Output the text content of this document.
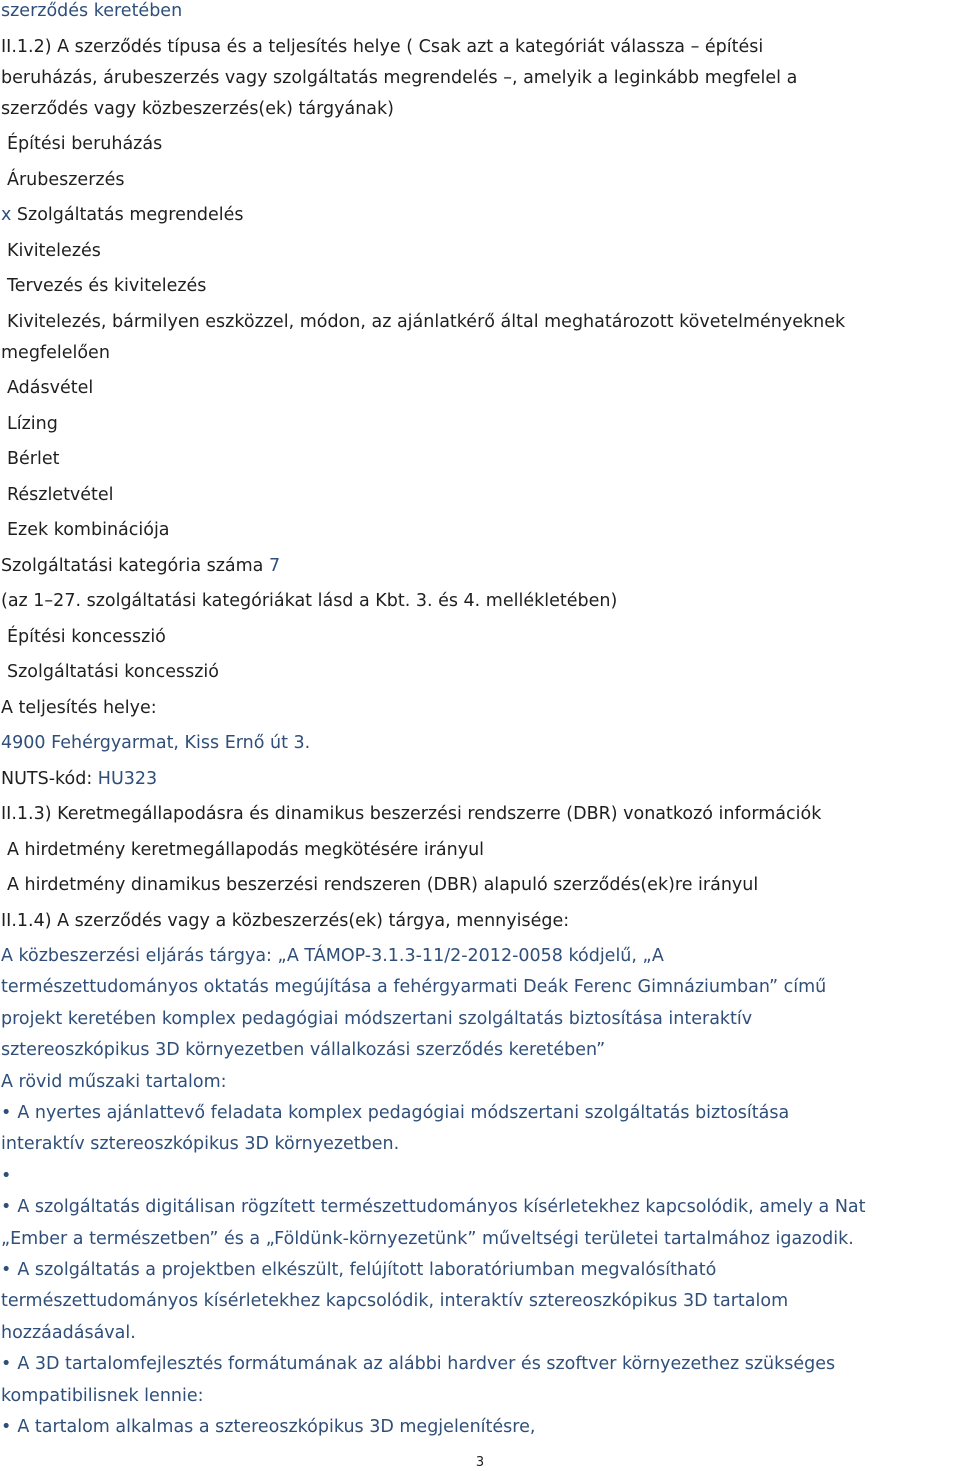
szerződés keretében
II.1.2) A szerződés típusa és a teljesítés helye ( Csak azt a kategóriát válassza – építési
beruházás, árubeszerzés vagy szolgáltatás megrendelés –, amelyik a leginkább megfelel a
szerződés vagy közbeszerzés(ek) tárgyának)
Építési beruházás
Árubeszerzés
x Szolgáltatás megrendelés
Kivitelezés
Tervezés és kivitelezés
Kivitelezés, bármilyen eszközzel, módon, az ajánlatkérő által meghatározott követelményeknek
megfelelően
Adásvétel
Lízing
Bérlet
Részletvétel
Ezek kombinációja
Szolgáltatási kategória száma 7
(az 1–27. szolgáltatási kategóriákat lásd a Kbt. 3. és 4. mellékletében)
Építési koncesszió
Szolgáltatási koncesszió
A teljesítés helye:
4900 Fehérgyarmat, Kiss Ernő út 3.
NUTS-kód: HU323
II.1.3) Keretmegállapodásra és dinamikus beszerzési rendszerre (DBR) vonatkozó információk
A hirdetmény keretmegállapodás megkötésére irányul
A hirdetmény dinamikus beszerzési rendszeren (DBR) alapuló szerződés(ek)re irányul
II.1.4) A szerződés vagy a közbeszerzés(ek) tárgya, mennyisége:
A közbeszerzési eljárás tárgya: „A TÁMOP-3.1.3-11/2-2012-0058 kódjelű, „A
természettudományos oktatás megújítása a fehérgyarmati Deák Ferenc Gimnáziumban” című
projekt keretében komplex pedagógiai módszertani szolgáltatás biztosítása interaktív
sztereoszkópikus 3D környezetben vállalkozási szerződés keretében”
A rövid műszaki tartalom:
• A nyertes ajánlattevő feladata komplex pedagógiai módszertani szolgáltatás biztosítása
interaktív sztereoszkópikus 3D környezetben.
•
• A szolgáltatás digitálisan rögzített természettudományos kísérletekhez kapcsolódik, amely a Nat
„Ember a természetben” és a „Földünk-környezetünk” műveltségi területei tartalmához igazodik.
• A szolgáltatás a projektben elkészült, felújított laboratóriumban megvalósítható
természettudományos kísérletekhez kapcsolódik, interaktív sztereoszkópikus 3D tartalom
hozzáadásával.
• A 3D tartalomfejlesztés formátumának az alábbi hardver és szoftver környezethez szükséges
kompatibilisnek lennie:
• A tartalom alkalmas a sztereoszkópikus 3D megjelenítésre,
3
